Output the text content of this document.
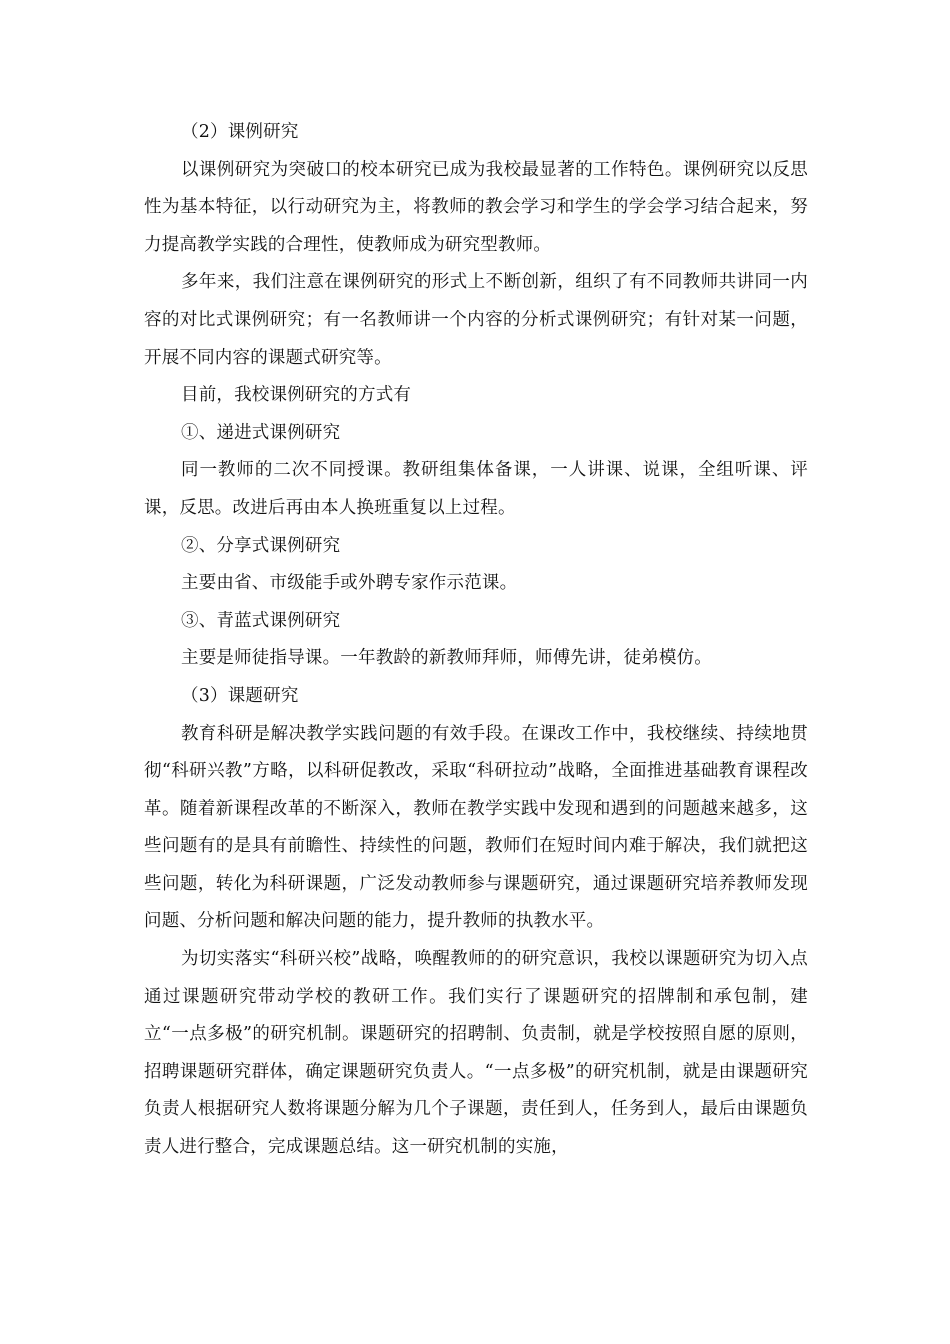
（2）课例研究

以课例研究为突破口的校本研究已成为我校最显著的工作特色。课例研究以反思性为基本特征，以行动研究为主，将教师的教会学习和学生的学会学习结合起来，努力提高教学实践的合理性，使教师成为研究型教师。

多年来，我们注意在课例研究的形式上不断创新，组织了有不同教师共讲同一内容的对比式课例研究；有一名教师讲一个内容的分析式课例研究；有针对某一问题，开展不同内容的课题式研究等。

目前，我校课例研究的方式有

①、递进式课例研究

同一教师的二次不同授课。教研组集体备课，一人讲课、说课，全组听课、评课，反思。改进后再由本人换班重复以上过程。

②、分享式课例研究

主要由省、市级能手或外聘专家作示范课。

③、青蓝式课例研究

主要是师徒指导课。一年教龄的新教师拜师，师傅先讲，徒弟模仿。

（3）课题研究

教育科研是解决教学实践问题的有效手段。在课改工作中，我校继续、持续地贯彻“科研兴教”方略，以科研促教改，采取“科研拉动”战略，全面推进基础教育课程改革。随着新课程改革的不断深入，教师在教学实践中发现和遇到的问题越来越多，这些问题有的是具有前瞻性、持续性的问题，教师们在短时间内难于解决，我们就把这些问题，转化为科研课题，广泛发动教师参与课题研究，通过课题研究培养教师发现问题、分析问题和解决问题的能力，提升教师的执教水平。

为切实落实“科研兴校”战略，唤醒教师的的研究意识，我校以课题研究为切入点通过课题研究带动学校的教研工作。我们实行了课题研究的招牌制和承包制，建立“一点多极”的研究机制。课题研究的招聘制、负责制，就是学校按照自愿的原则，招聘课题研究群体，确定课题研究负责人。“一点多极”的研究机制，就是由课题研究负责人根据研究人数将课题分解为几个子课题，责任到人，任务到人，最后由课题负责人进行整合，完成课题总结。这一研究机制的实施，
